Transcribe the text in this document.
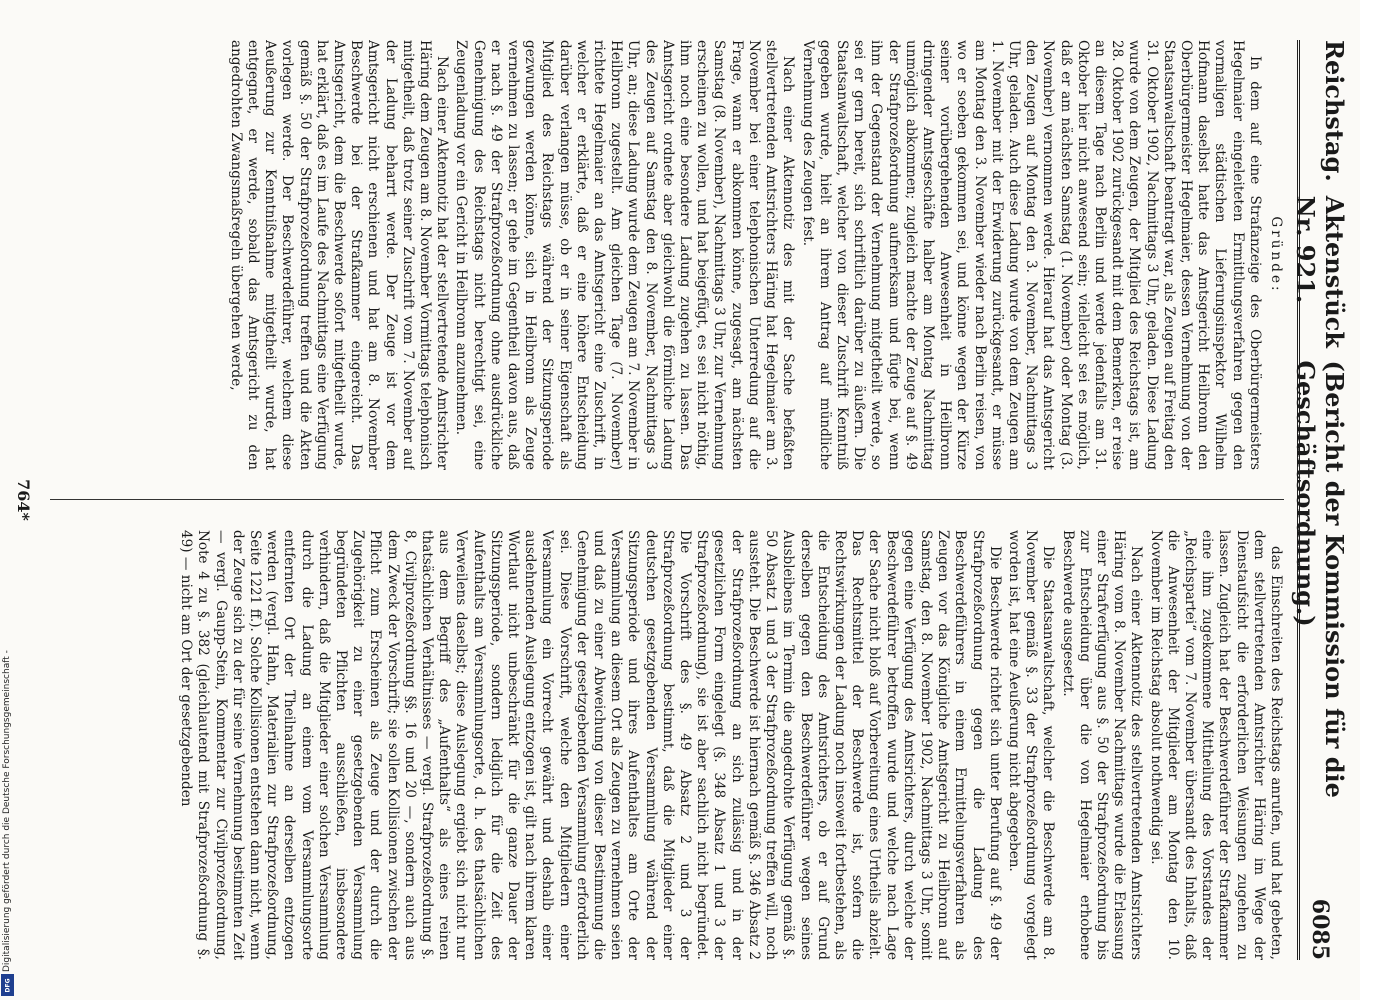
Reichstag.
Aktenstück Nr. 921.
(Bericht der Kommission für die Geschäftsordnung.)
6085

Gründe:

In dem auf eine Strafanzeige des Oberbürgermeisters Hegelmaier eingeleiteten Ermittlungsverfahren gegen den vormaligen städtischen Lieferungsinspektor Wilhelm Hofmann daselbst hatte das Amtsgericht Heilbronn den Oberbürgermeister Hegelmaier, dessen Vernehmung von der Staatsanwaltschaft beantragt war, als Zeugen auf Freitag den 31. Oktober 1902, Nachmittags 3 Uhr, geladen. Diese Ladung wurde von dem Zeugen, der Mitglied des Reichstags ist, am 28. Oktober 1902 zurückgesandt mit dem Bemerken, er reise an diesem Tage nach Berlin und werde jedenfalls am 31. Oktober hier nicht anwesend sein; vielleicht sei es möglich, daß er am nächsten Samstag (1. November) oder Montag (3. November) vernommen werde. Hierauf hat das Amtsgericht den Zeugen auf Montag den 3. November, Nachmittags 3 Uhr, geladen. Auch diese Ladung wurde von dem Zeugen am 1. November mit der Erwiderung zurückgesandt, er müsse am Montag den 3. November wieder nach Berlin reisen, von wo er soeben gekommen sei, und könne wegen der Kürze seiner vorübergehenden Anwesenheit in Heilbronn dringender Amtsgeschäfte halber am Montag Nachmittag unmöglich abkommen; zugleich machte der Zeuge auf §. 49 der Strafprozeßordnung aufmerksam und fügte bei, wenn ihm der Gegenstand der Vernehmung mitgetheilt werde, so sei er gern bereit, sich schriftlich darüber zu äußern. Die Staatsanwaltschaft, welcher von dieser Zuschrift Kenntniß gegeben wurde, hielt an ihrem Antrag auf mündliche Vernehmung des Zeugen fest.

Nach einer Aktennotiz des mit der Sache befaßten stellvertretenden Amtsrichters Häring hat Hegelmaier am 3. November bei einer telephonischen Unterredung auf die Frage, wann er abkommen könne, zugesagt, am nächsten Samstag (8. November), Nachmittags 3 Uhr, zur Vernehmung erscheinen zu wollen, und hat beigefügt, es sei nicht nöthig, ihm noch eine besondere Ladung zugehen zu lassen. Das Amtsgericht ordnete aber gleichwohl die förmliche Ladung des Zeugen auf Samstag den 8. November, Nachmittags 3 Uhr, an; diese Ladung wurde dem Zeugen am 7. November in Heilbronn zugestellt. Am gleichen Tage (7. November) richtete Hegelmaier an das Amtsgericht eine Zuschrift, in welcher er erklärte, daß er eine höhere Entscheidung darüber verlangen müsse, ob er in seiner Eigenschaft als Mitglied des Reichstags während der Sitzungsperiode gezwungen werden könne, sich in Heilbronn als Zeuge vernehmen zu lassen; er gehe im Gegentheil davon aus, daß er nach §. 49 der Strafprozeßordnung ohne ausdrückliche Genehmigung des Reichstags nicht berechtigt sei, eine Zeugenladung vor ein Gericht in Heilbronn anzunehmen.

Nach einer Aktennotiz hat der stellvertretende Amtsrichter Häring dem Zeugen am 8. November Vormittags telephonisch mitgetheilt, daß trotz seiner Zuschrift vom 7. November auf der Ladung beharrt werde. Der Zeuge ist vor dem Amtsgericht nicht erschienen und hat am 8. November Beschwerde bei der Strafkammer eingereicht. Das Amtsgericht, dem die Beschwerde sofort mitgetheilt wurde, hat erklärt, daß es im Laufe des Nachmittags eine Verfügung gemäß §. 50 der Strafprozeßordnung treffen und die Akten vorlegen werde. Der Beschwerdeführer, welchem diese Aeußerung zur Kenntnißnahme mitgetheilt wurde, hat entgegnet, er werde, sobald das Amtsgericht zu den angedrohten Zwangsmaßregeln übergehen werde,

das Einschreiten des Reichstags anrufen, und hat gebeten, dem stellvertretenden Amtsrichter Häring im Wege der Dienstaufsicht die erforderlichen Weisungen zugehen zu lassen. Zugleich hat der Beschwerdeführer der Strafkammer eine ihm zugekommene Mittheilung des Vorstandes der „Reichspartei“ vom 7. November übersandt des Inhalts, daß die Anwesenheit der Mitglieder am Montag den 10. November im Reichstag absolut nothwendig sei.

Nach einer Aktennotiz des stellvertretenden Amtsrichters Häring vom 8. November Nachmittags wurde die Erlassung einer Strafverfügung aus §. 50 der Strafprozeßordnung bis zur Entscheidung über die von Hegelmaier erhobene Beschwerde ausgesetzt.

Die Staatsanwaltschaft, welcher die Beschwerde am 8. November gemäß §. 33 der Strafprozeßordnung vorgelegt worden ist, hat eine Aeußerung nicht abgegeben.

Die Beschwerde richtet sich unter Berufung auf §. 49 der Strafprozeßordnung gegen die Ladung des Beschwerdeführers in einem Ermittelungsverfahren als Zeugen vor das Königliche Amtsgericht zu Heilbronn auf Samstag, den 8. November 1902, Nachmittags 3 Uhr, somit gegen eine Verfügung des Amtsrichters, durch welche der Beschwerdeführer betroffen wurde und welche nach Lage der Sache nicht bloß auf Vorbereitung eines Urtheils abzielt. Das Rechtsmittel der Beschwerde ist, sofern die Rechtswirkungen der Ladung noch insoweit fortbestehen, als die Entscheidung des Amtsrichters, ob er auf Grund derselben gegen den Beschwerdeführer wegen seines Ausbleibens im Termin die angedrohte Verfügung gemäß §. 50 Absatz 1 und 3 der Strafprozeßordnung treffen will, noch aussteht. Die Beschwerde ist hiernach gemäß §. 346 Absatz 2 der Strafprozeßordnung an sich zulässig und in der gesetzlichen Form eingelegt (§. 348 Absatz 1 und 3 der Strafprozeßordnung), sie ist aber sachlich nicht begründet. Die Vorschrift des §. 49 Absatz 2 und 3 der Strafprozeßordnung bestimmt, daß die Mitglieder einer deutschen gesetzgebenden Versammlung während der Sitzungsperiode und ihres Aufenthaltes am Orte der Versammlung an diesem Ort als Zeugen zu vernehmen seien und daß zu einer Abweichung von dieser Bestimmung die Genehmigung der gesetzgebenden Versammlung erforderlich sei. Diese Vorschrift, welche den Mitgliedern einer Versammlung ein Vorrecht gewährt und deshalb einer ausdehnenden Auslegung entzogen ist, gilt nach ihrem klaren Wortlaut nicht unbeschränkt für die ganze Dauer der Sitzungsperiode, sondern lediglich für die Zeit des Aufenthalts am Versammlungsorte, d. h. des thatsächlichen Verweilens daselbst; diese Auslegung ergiebt sich nicht nur aus dem Begriff des „Aufenthalts“ als eines reinen thatsächlichen Verhältnisses — vergl. Strafprozeßordnung §. 8, Civilprozeßordnung §§. 16 und 20 —, sondern auch aus dem Zweck der Vorschrift; sie sollen Kollisionen zwischen der Pflicht zum Erscheinen als Zeuge und der durch die Zugehörigkeit zu einer gesetzgebenden Versammlung begründeten Pflichten ausschließen, insbesondere verhindern, daß die Mitglieder einer solchen Versammlung durch die Ladung an einem vom Versammlungsorte entfernten Ort der Theilnahme an derselben entzogen werden (vergl. Hahn, Materialien zur Strafprozeßordnung, Seite 1221 ff.). Solche Kollisionen entstehen dann nicht, wenn der Zeuge sich zu der für seine Vernehmung bestimmten Zeit — vergl. Gaupp-Stein, Kommentar zur Civilprozeßordnung, Note 4 zu §. 382 (gleichlautend mit Strafprozeßordnung §. 49) — nicht am Ort der gesetzgebenden

764*
Digitalisierung gefördert durch die Deutsche Forschungsgemeinschaft -
DFG
